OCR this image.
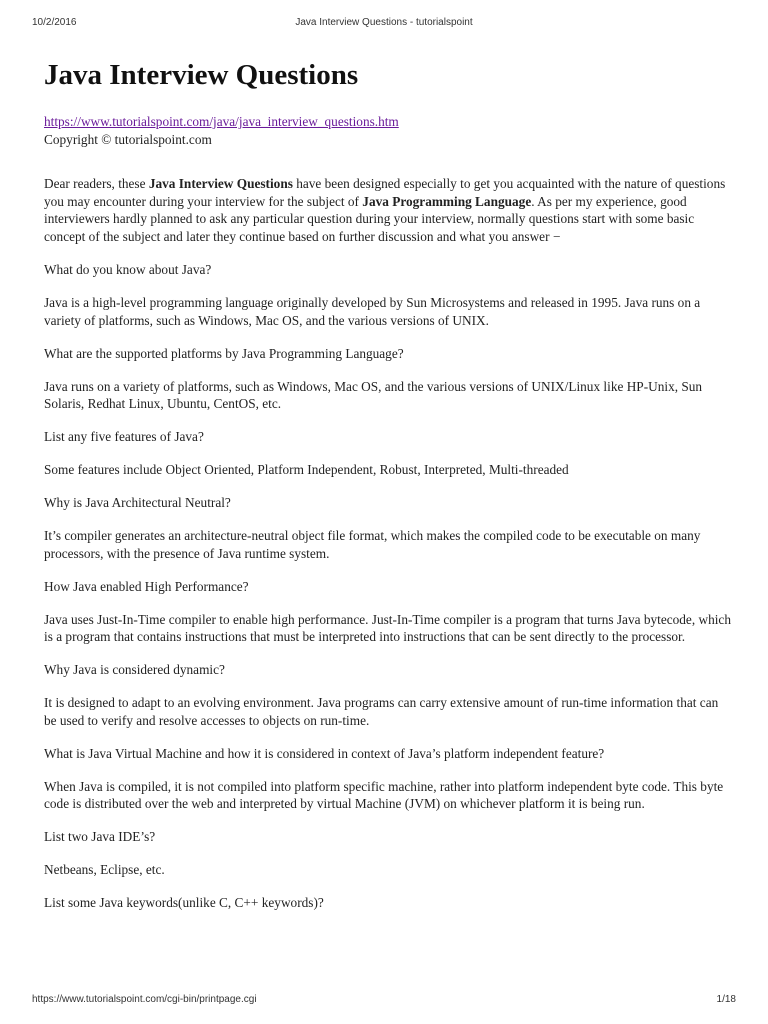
10/2/2016	Java Interview Questions - tutorialspoint
Java Interview Questions
https://www.tutorialspoint.com/java/java_interview_questions.htm
Copyright © tutorialspoint.com

Dear readers, these Java Interview Questions have been designed especially to get you acquainted with the nature of questions you may encounter during your interview for the subject of Java Programming Language. As per my experience, good interviewers hardly planned to ask any particular question during your interview, normally questions start with some basic concept of the subject and later they continue based on further discussion and what you answer −

What do you know about Java?

Java is a high-level programming language originally developed by Sun Microsystems and released in 1995. Java runs on a variety of platforms, such as Windows, Mac OS, and the various versions of UNIX.

What are the supported platforms by Java Programming Language?

Java runs on a variety of platforms, such as Windows, Mac OS, and the various versions of UNIX/Linux like HP-Unix, Sun Solaris, Redhat Linux, Ubuntu, CentOS, etc.

List any five features of Java?

Some features include Object Oriented, Platform Independent, Robust, Interpreted, Multi-threaded

Why is Java Architectural Neutral?

It’s compiler generates an architecture-neutral object file format, which makes the compiled code to be executable on many processors, with the presence of Java runtime system.

How Java enabled High Performance?

Java uses Just-In-Time compiler to enable high performance. Just-In-Time compiler is a program that turns Java bytecode, which is a program that contains instructions that must be interpreted into instructions that can be sent directly to the processor.

Why Java is considered dynamic?

It is designed to adapt to an evolving environment. Java programs can carry extensive amount of run-time information that can be used to verify and resolve accesses to objects on run-time.

What is Java Virtual Machine and how it is considered in context of Java’s platform independent feature?

When Java is compiled, it is not compiled into platform specific machine, rather into platform independent byte code. This byte code is distributed over the web and interpreted by virtual Machine (JVM) on whichever platform it is being run.

List two Java IDE’s?

Netbeans, Eclipse, etc.

List some Java keywords(unlike C, C++ keywords)?

https://www.tutorialspoint.com/cgi-bin/printpage.cgi	1/18
